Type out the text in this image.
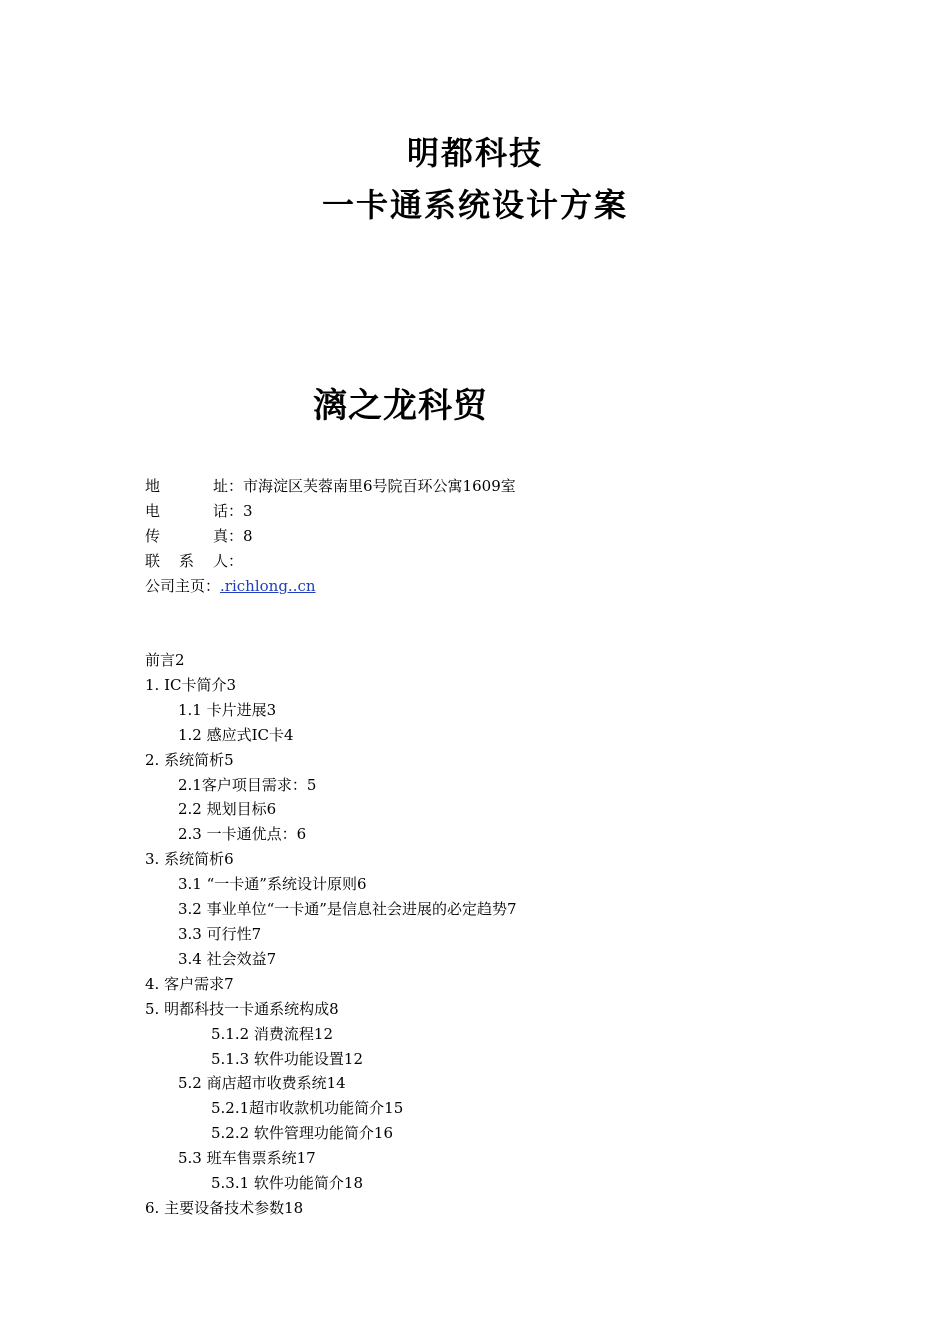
明都科技
一卡通系统设计方案
漓之龙科贸
地　　址 ： 市海淀区芙蓉南里6号院百环公寓1609室
电　　话 ： 3
传　　真 ： 8
联 系 人 ：
公司主页 ： .richlong..cn
前言2
1. IC卡简介3
1.1 卡片进展3
1.2 感应式IC卡4
2. 系统简析5
2.1客户项目需求：5
2.2 规划目标6
2.3 一卡通优点：6
3. 系统简析6
3.1 “一卡通”系统设计原则6
3.2 事业单位“一卡通”是信息社会进展的必定趋势7
3.3 可行性7
3.4 社会效益7
4. 客户需求7
5. 明都科技一卡通系统构成8
5.1.2 消费流程12
5.1.3 软件功能设置12
5.2 商店超市收费系统14
5.2.1超市收款机功能简介15
5.2.2 软件管理功能简介16
5.3 班车售票系统17
5.3.1 软件功能简介18
6. 主要设备技术参数18
